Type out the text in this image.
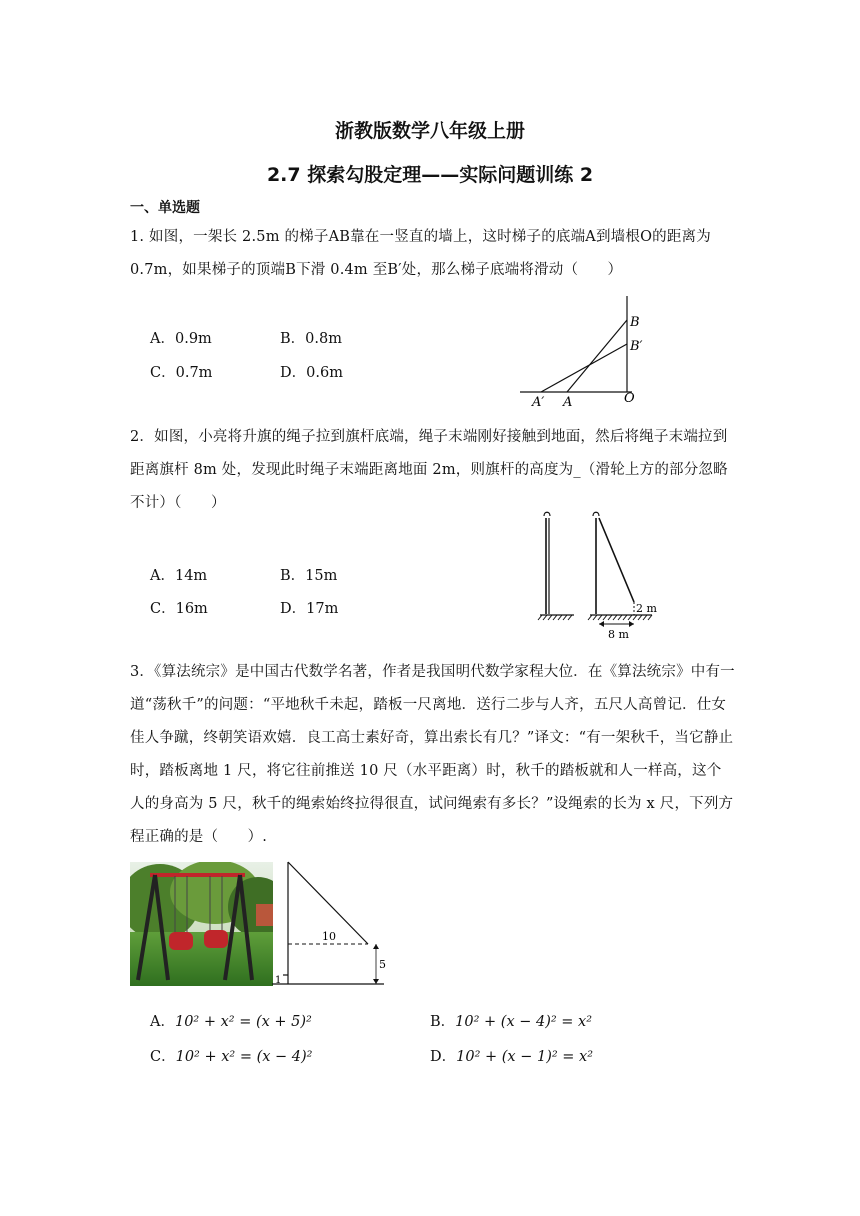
浙教版数学八年级上册
2.7 探索勾股定理——实际问题训练 2
一、单选题
1. 如图，一架长 2.5m 的梯子AB靠在一竖直的墙上，这时梯子的底端A到墙根O的距离为 0.7m，如果梯子的顶端B下滑 0.4m 至B′处，那么梯子底端将滑动（　　）
A．0.9m	B．0.8m
C．0.7m	D．0.6m
B
B′
A′ A	O
2．如图，小亮将升旗的绳子拉到旗杆底端，绳子末端刚好接触到地面，然后将绳子末端拉到距离旗杆 8m 处，发现此时绳子末端距离地面 2m，则旗杆的高度为_（滑轮上方的部分忽略不计）（　　）
A．14m	B．15m
C．16m	D．17m	2 m
8 m
3．《算法统宗》是中国古代数学名著，作者是我国明代数学家程大位．在《算法统宗》中有一道“荡秋千”的问题：“平地秋千未起，踏板一尺离地．送行二步与人齐，五尺人高曾记．仕女佳人争蹴，终朝笑语欢嬉．良工高士素好奇，算出索长有几？”译文：“有一架秋千，当它静止时，踏板离地 1 尺，将它往前推送 10 尺（水平距离）时，秋千的踏板就和人一样高，这个人的身高为 5 尺，秋千的绳索始终拉得很直，试问绳索有多长？”设绳索的长为 x 尺，下列方程正确的是（　　）.
10
5
1
A．10² + x² = (x + 5)²	B．10² + (x − 4)² = x²
C．10² + x² = (x − 4)²	D．10² + (x − 1)² = x²
